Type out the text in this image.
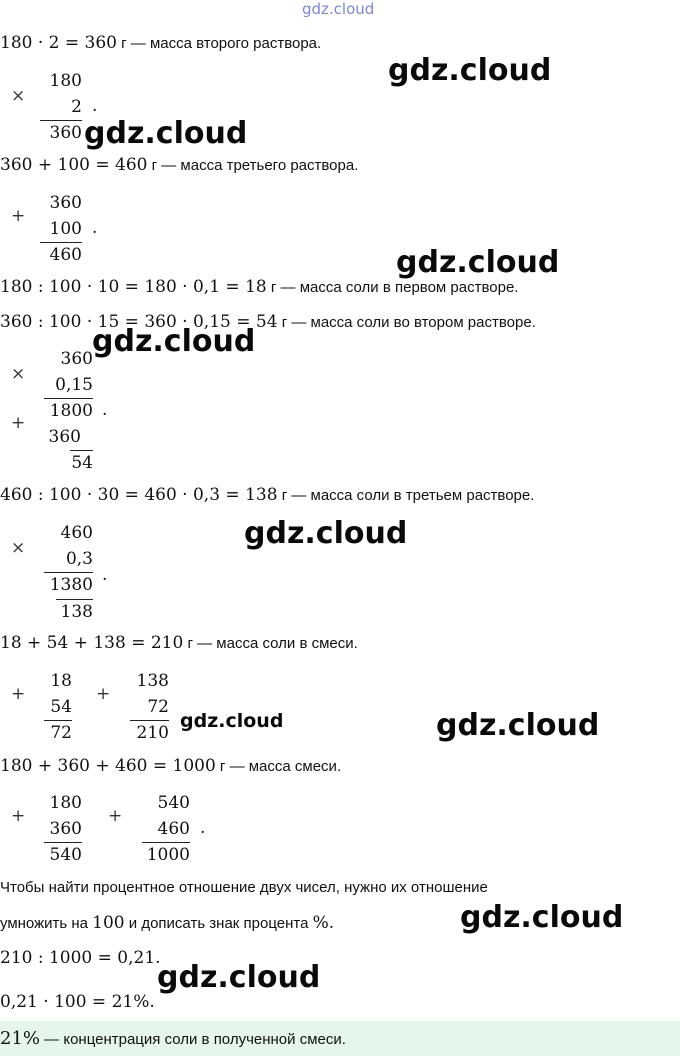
gdz.cloud
180 · 2 = 360 г — масса второго раствора.
×
180
2
360
.
360 + 100 = 460 г — масса третьего раствора.
+
360
100
460
.
180 : 100 · 10 = 180 · 0,1 = 18 г — масса соли в первом растворе.
360 : 100 · 15 = 360 · 0,15 = 54 г — масса соли во втором растворе.
×
+
360
0,15
1800
360
54
.
460 : 100 · 30 = 460 · 0,3 = 138 г — масса соли в третьем растворе.
×
460
0,3
1380
138
.
18 + 54 + 138 = 210 г — масса соли в смеси.
+
18
54
72
+
138
72
210
180 + 360 + 460 = 1000 г — масса смеси.
+
180
360
540
+
540
460
1000
.
Чтобы найти процентное отношение двух чисел, нужно их отношение
умножить на 100 и дописать знак процента %.
210 : 1000 = 0,21.
0,21 · 100 = 21%.
21% — концентрация соли в полученной смеси.
gdz.cloud
gdz.cloud
gdz.cloud
gdz.cloud
gdz.cloud
gdz.cloud	gdz.cloud
gdz.cloud
gdz.cloud
